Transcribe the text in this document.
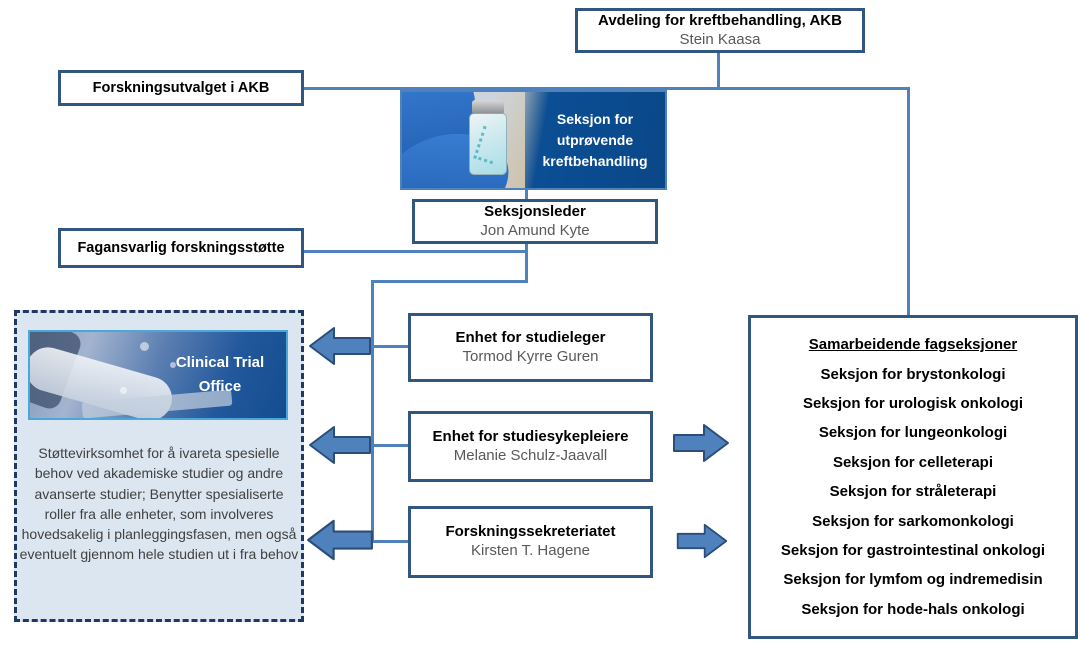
Avdeling for kreftbehandling, AKB
Stein Kaasa
Forskningsutvalget i AKB
Seksjon for utprøvende kreftbehandling
Seksjonsleder
Jon Amund Kyte
Fagansvarlig forskningsstøtte
Enhet for studieleger
Tormod Kyrre Guren
Enhet for studiesykepleiere
Melanie Schulz-Jaavall
Forskningssekreteriatet
Kirsten T. Hagene
Clinical Trial Office
Støttevirksomhet for å ivareta spesielle behov ved akademiske studier og andre avanserte studier; Benytter spesialiserte roller fra alle enheter, som involveres hovedsakelig i planleggingsfasen, men også eventuelt gjennom hele studien ut i fra behov
Samarbeidende fagseksjoner
Seksjon for brystonkologi
Seksjon for urologisk onkologi
Seksjon for lungeonkologi
Seksjon for celleterapi
Seksjon for stråleterapi
Seksjon for sarkomonkologi
Seksjon for gastrointestinal onkologi
Seksjon for lymfom og indremedisin
Seksjon for hode-hals onkologi
